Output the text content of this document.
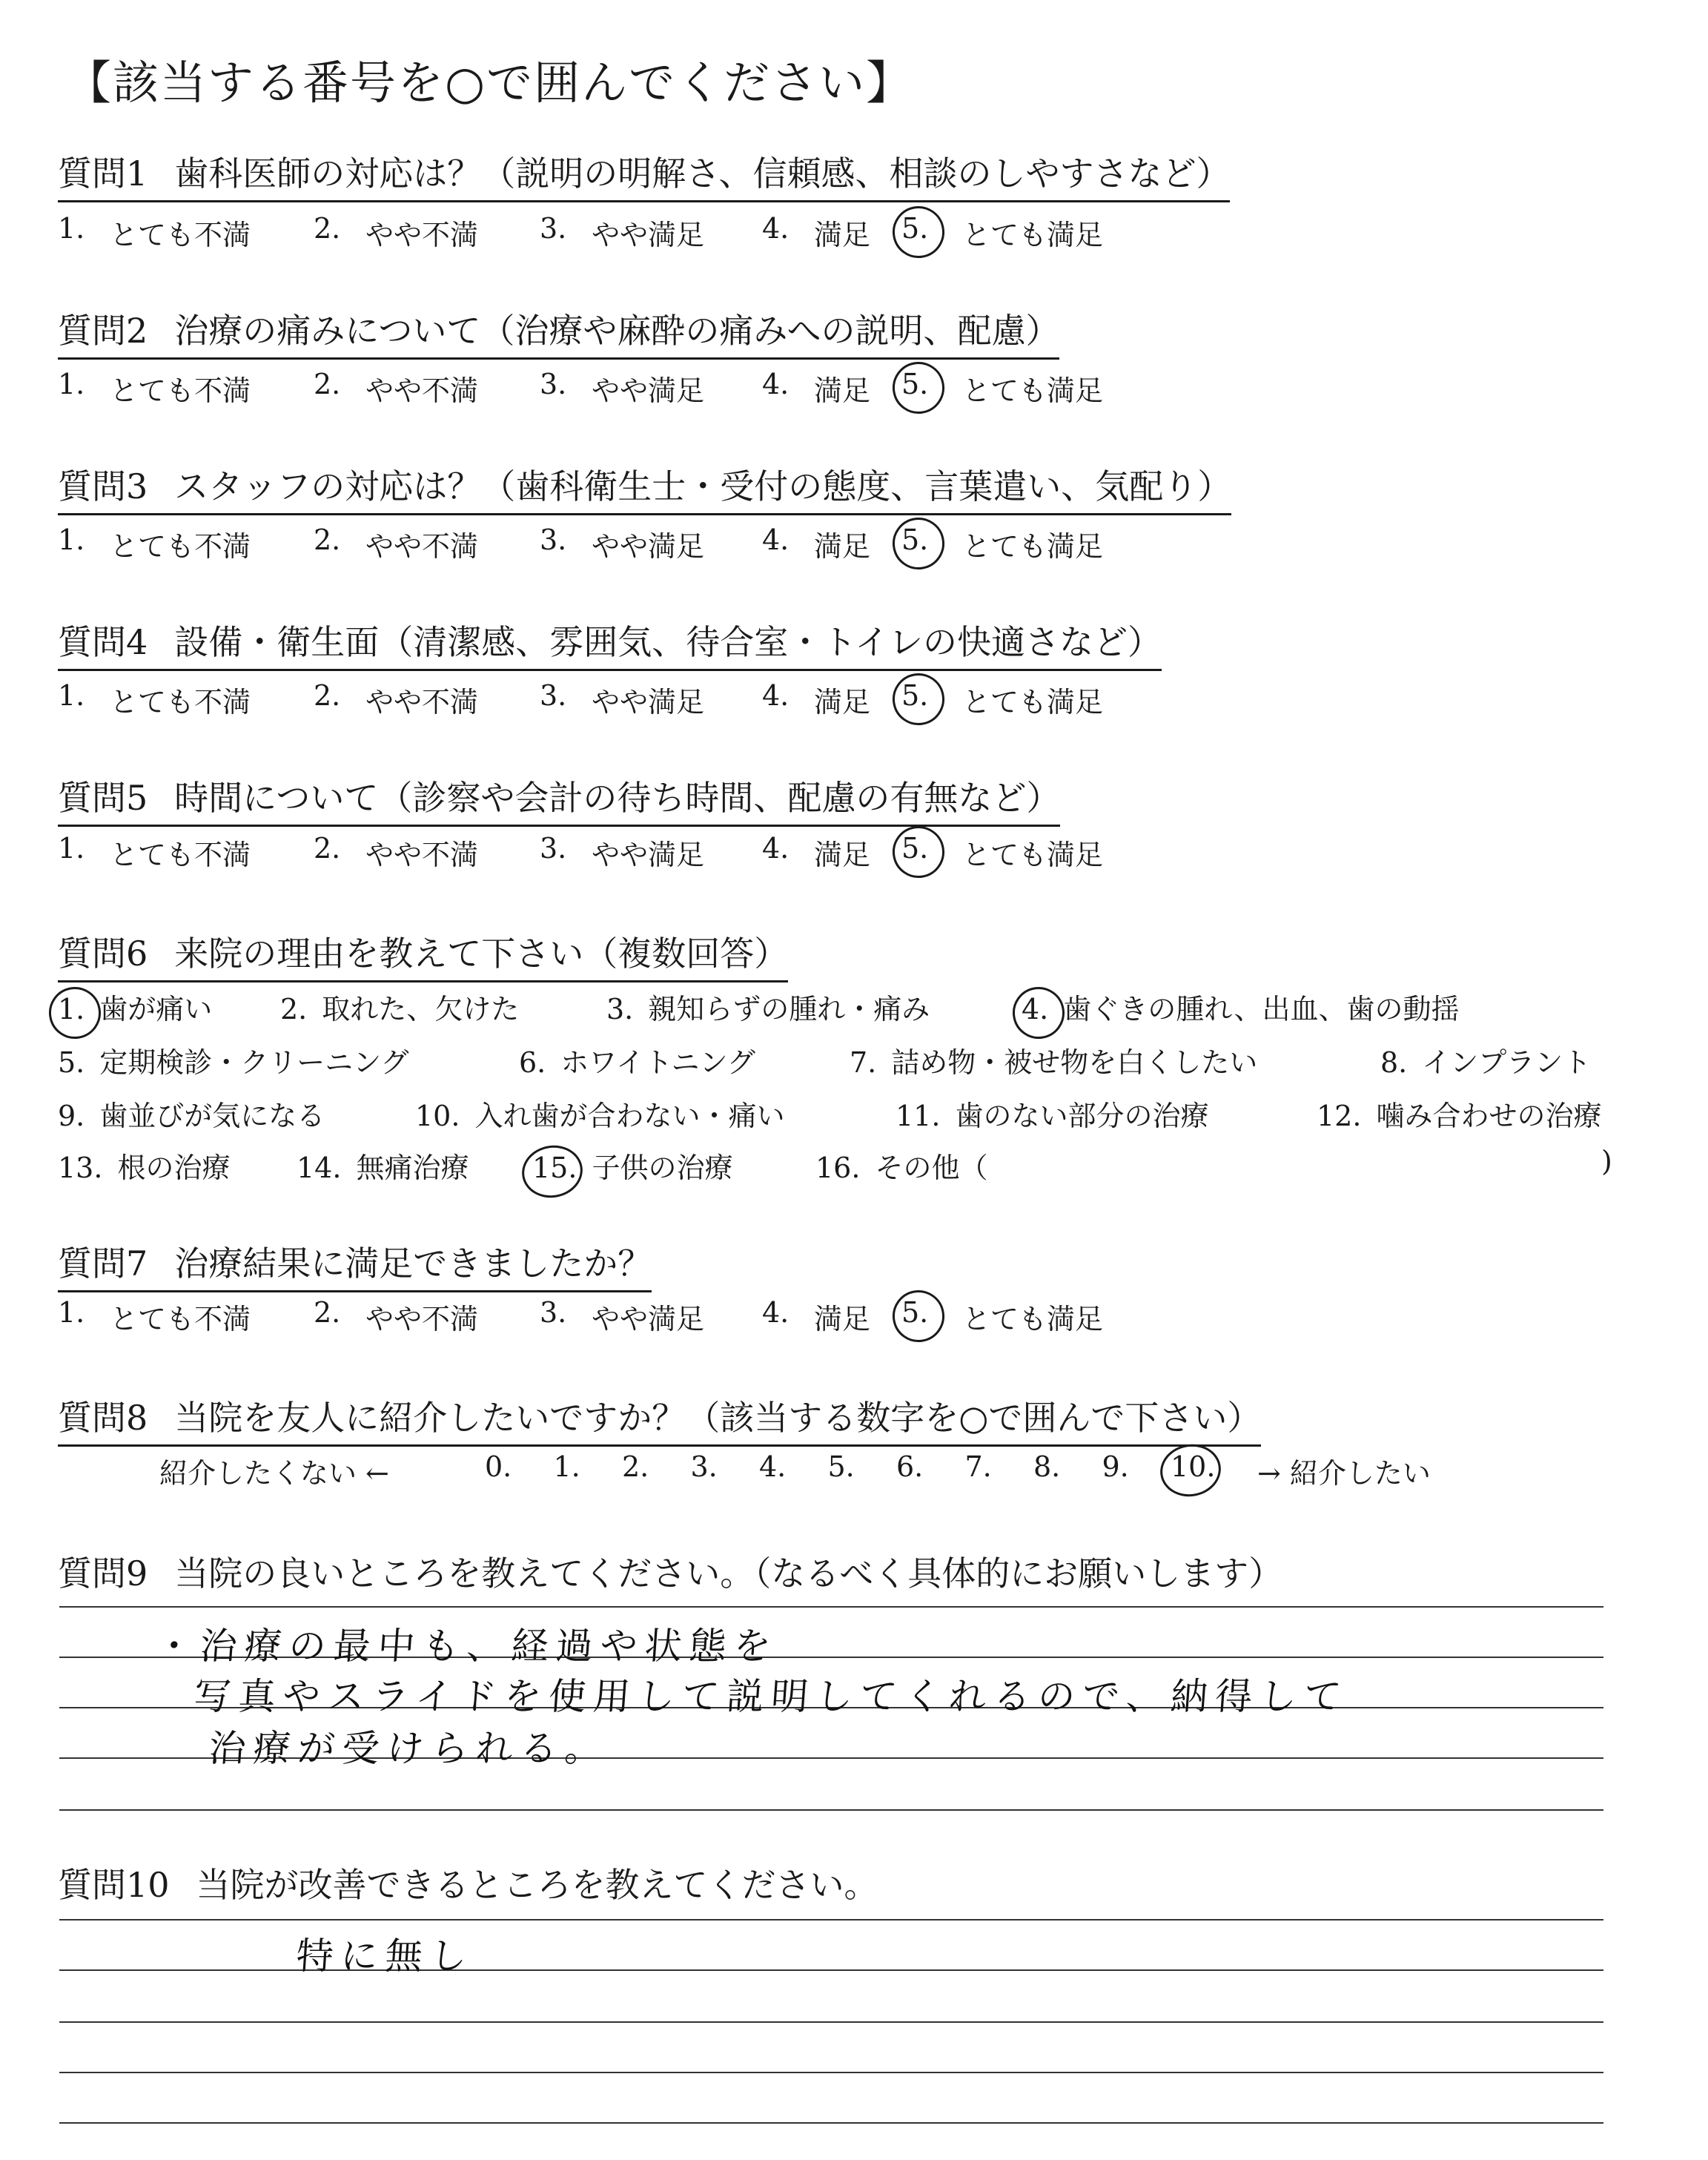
【該当する番号を○で囲んでください】
質問1 歯科医師の対応は？（説明の明解さ、信頼感、相談のしやすさなど）
1. とても不満 2. やや不満 3. やや満足 4. 満足 5. とても満足
質問2 治療の痛みについて（治療や麻酔の痛みへの説明、配慮）
1. とても不満 2. やや不満 3. やや満足 4. 満足 5. とても満足
質問3 スタッフの対応は？（歯科衛生士・受付の態度、言葉遣い、気配り）
1. とても不満 2. やや不満 3. やや満足 4. 満足 5. とても満足
質問4 設備・衛生面（清潔感、雰囲気、待合室・トイレの快適さなど）
1. とても不満 2. やや不満 3. やや満足 4. 満足 5. とても満足
質問5 時間について（診察や会計の待ち時間、配慮の有無など）
1. とても不満 2. やや不満 3. やや満足 4. 満足 5. とても満足
質問6 来院の理由を教えて下さい（複数回答）
1. 歯が痛い 2. 取れた、欠けた	3. 親知らずの腫れ・痛み	4. 歯ぐきの腫れ、出血、歯の動揺
5. 定期検診・クリーニング	6. ホワイトニング	7. 詰め物・被せ物を白くしたい	8. インプラント
9. 歯並びが気になる	10. 入れ歯が合わない・痛い	11. 歯のない部分の治療	12. 噛み合わせの治療
13. 根の治療 14. 無痛治療 15. 子供の治療	16. その他（	)
質問7 治療結果に満足できましたか？
1. とても不満 2. やや不満 3. やや満足 4. 満足 5. とても満足
質問8 当院を友人に紹介したいですか？（該当する数字を○で囲んで下さい）
紹介したくない ←	0. 1. 2. 3. 4. 5. 6. 7. 8. 9. 10. → 紹介したい
質問9 当院の良いところを教えてください。（なるべく具体的にお願いします）
・治療の最中も、経過や状態を
写真やスライドを使用して説明してくれるので、納得して
治療が受けられる。
質問10 当院が改善できるところを教えてください。
特に無し
